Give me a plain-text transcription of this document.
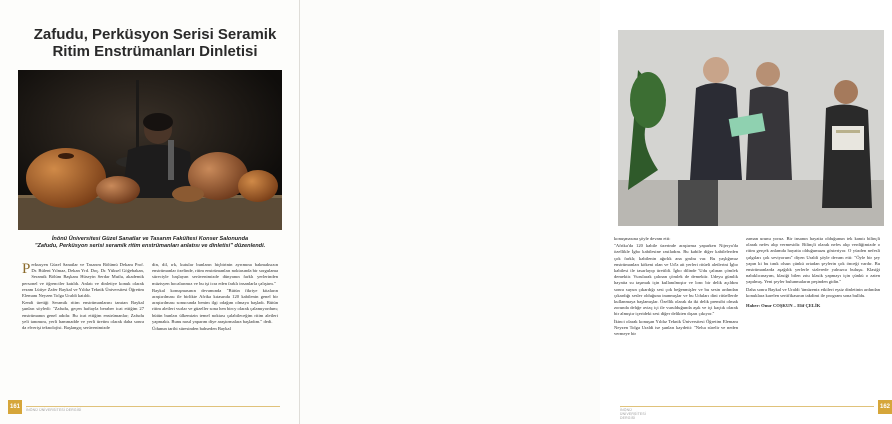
Zafudu, Perküsyon Serisi Seramik Ritim Enstrümanları Dinletisi
İnönü Üniversitesi Güzel Sanatlar ve Tasarım Fakültesi Konser Salonunda
"Zafudu, Perküsyon serisi seramik ritim enstrümanları anlatısı ve dinletisi" düzenlendi.

Perkusyen Güzel Sanatlar ve Tasarım Bölümü Dekanı Prof. Dr. Bülent Yılmaz, Dekan Yrd. Doç. Dr. Yüksel Göğebakan, Seramik Bölüm Başkanı Hüseyin Serdar Mutlu, akademik personel ve öğrenciler katıldı. Anlatı ve dinletiye konuk olarak rezam Lütiye Zafer Baykal ve Yıldız Teknik Üniversitesi Öğretim Elemanı Neyzen Tolga Uraldi katıldı.

Kendi üretiği Seramik ritim enstrümanlarını tanıtan Baykal şunları söyledi: "Zafudu, geçen haftayla beraber icat ettiğim 27 enstrümanın genel adıdır. Bu icat ettiğim enstrümanlar; Zafudu yeli tanımını, yerli hammadde ve yerli üretim olarak daha sonra da elverişi teknolojisi. Başlangıç serüvenimizde

din, dil, ırk, kutular bunların hiçbirinin ayrımına bakmaksızın enstrümanlar özelinde, ritim enstrümanları noktasında bir sorgulama süreciyle başlayan serüvenimizde dünyanın farklı yerlerinden müzisyen hocalarımız ve bu işi icra eden farklı insanlarla çalıştım."

Baykal konuşmasının devamında "Bütün fikriye kitaların araştırılması ile birlikte Afrika kıtasında 120 kabilenin genel bir araştırılması sonucunda benim ilgi odağım olmaya başladı. Bütün ritim aletleri vurlar ve güzeller sona hen bircy olarak çalamıyordum; bütün bunları ülkemizin temel noktası çalabileceğim ritim aletleri yapmaktı. Bunu nasıl yaparım diye araştırmalara başladım." dedi.

Üdunun tarihi süresinden bahseden Baykal

161	İNÖNÜ ÜNİVERSİTESİ DERGİSİ

konuşmasına şöyle devam etti:

"Afrika'da 120 kabile üzerinde araştırma yaparken Nijerya'da özellikle İgbo kabilesine rastladım. Bu kabile diğer kabilelerden çok farklı; kabilenin ağırlık ana grubu var. Bu yaşlığımız enstrümanları kökeni olan ve Ud'a ait yerleri ritüeli aletlerini İgbo kabilesi ile tasarlayıp üretildi. İgbo dilinde 'Udu çalınan çömlek demektir. Vurularak çalınan çömlek de demektir. Udeyu gümlik hayatta su taşımak için kullanılmıştır ve lonc bir delik açıldım sonra suyun çıkardığı sesi çok beğenmişler ve bu sesin ardından çıkardığı sesler olduğuna inanmışlar ve bu Uduları dini ritüellerde kullanmaya başlamışlar. Özellik olarak da iki delik prensibi olmak zorunda delığe aviaç içi ile vurulduğunda aşık ve içi kaçtık olarak bir almıştır içerideki sesi diğer delikten dışarı çıkıyor."

İkinci olarak konuşan Yıldız Teknik Üniversitesi Öğretim Elemanı Neyzen Tolga Uraldi ise şunları kaydetti: "Neluı sürelir ve neden vermeye bir

zaman urunu yoruz. Bir insanın hayatta olduğunun tek kanıtı bilinçli olarak nefes alıp vermesidir. Bilinçli olarak nefes alıp verdiğimizde o ritim gerçek anlamda hayatta olduğumuzu gösteriyor. O yüzden nefesli çalgıları çok seviyorum" diyen Uraldi şöyle devam etti: "Öyle bir şey yapın ki bu tınık olsun çünkü ortadan şeylerin çok önceği vardır. Bu enstrümanlarda aşağılık yerlerle sizlerede yalnızca buluşu. Klasiği nabıklıcınayım, klasiği bilen zıtu klasik yapmayı için çünkü o zaten yapılmış. Yeni şeyler bulunmaların peşinden gidin."

Daha sonra Baykal ve Uraldi 'ümüzeniz etkileri eşsiz dinletinin ardından konuklara karelen sertifikasının takdimi ile program sona bulldu.

Haber: Onur COŞKUN – Elif ÇELİK

162
İNÖNÜ ÜNİVERSİTESİ DERGİSİ
